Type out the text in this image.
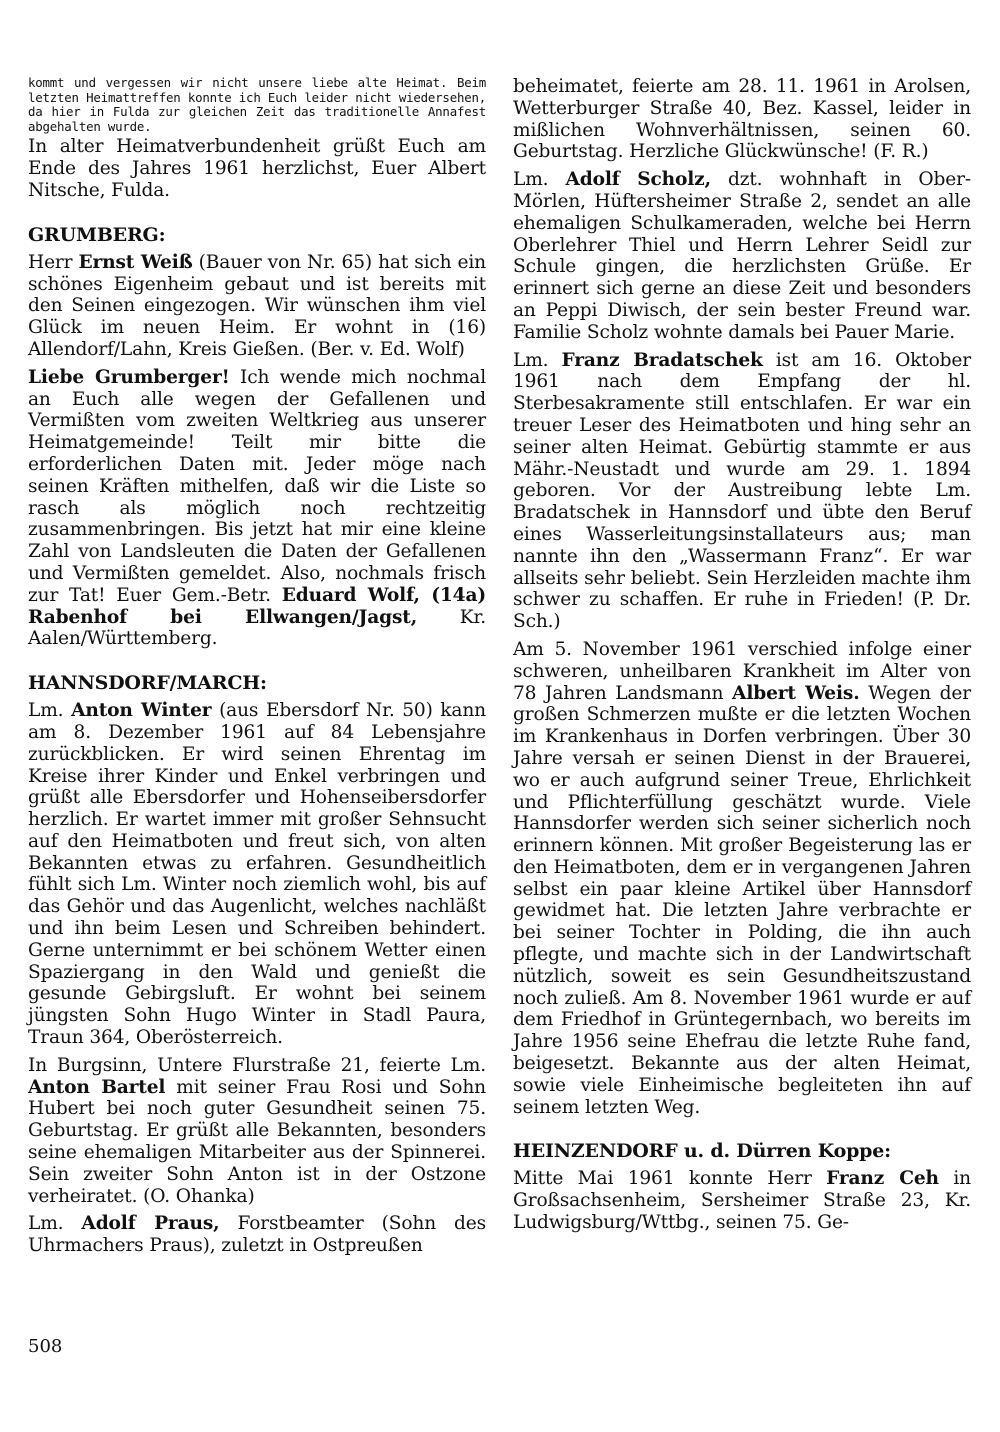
kommt und vergessen wir nicht unsere liebe alte Heimat. Beim letzten Heimattreffen konnte ich Euch leider nicht wiedersehen, da hier in Fulda zur gleichen Zeit das traditionelle Annafest abgehalten wurde.

In alter Heimatverbundenheit grüßt Euch am Ende des Jahres 1961 herzlichst, Euer Albert Nitsche, Fulda.

GRUMBERG:

Herr Ernst Weiß (Bauer von Nr. 65) hat sich ein schönes Eigenheim gebaut und ist bereits mit den Seinen eingezogen. Wir wünschen ihm viel Glück im neuen Heim. Er wohnt in (16) Allendorf/Lahn, Kreis Gießen. (Ber. v. Ed. Wolf)

Liebe Grumberger! Ich wende mich nochmal an Euch alle wegen der Gefallenen und Vermißten vom zweiten Weltkrieg aus unserer Heimatgemeinde! Teilt mir bitte die erforderlichen Daten mit. Jeder möge nach seinen Kräften mithelfen, daß wir die Liste so rasch als möglich noch rechtzeitig zusammenbringen. Bis jetzt hat mir eine kleine Zahl von Landsleuten die Daten der Gefallenen und Vermißten gemeldet. Also, nochmals frisch zur Tat! Euer Gem.-Betr. Eduard Wolf, (14a) Rabenhof bei Ellwangen/Jagst, Kr. Aalen/Württemberg.

HANNSDORF/MARCH:

Lm. Anton Winter (aus Ebersdorf Nr. 50) kann am 8. Dezember 1961 auf 84 Lebensjahre zurückblicken. Er wird seinen Ehrentag im Kreise ihrer Kinder und Enkel verbringen und grüßt alle Ebersdorfer und Hohenseibersdorfer herzlich. Er wartet immer mit großer Sehnsucht auf den Heimatboten und freut sich, von alten Bekannten etwas zu erfahren. Gesundheitlich fühlt sich Lm. Winter noch ziemlich wohl, bis auf das Gehör und das Augenlicht, welches nachläßt und ihn beim Lesen und Schreiben behindert. Gerne unternimmt er bei schönem Wetter einen Spaziergang in den Wald und genießt die gesunde Gebirgsluft. Er wohnt bei seinem jüngsten Sohn Hugo Winter in Stadl Paura, Traun 364, Oberösterreich.

In Burgsinn, Untere Flurstraße 21, feierte Lm. Anton Bartel mit seiner Frau Rosi und Sohn Hubert bei noch guter Gesundheit seinen 75. Geburtstag. Er grüßt alle Bekannten, besonders seine ehemaligen Mitarbeiter aus der Spinnerei. Sein zweiter Sohn Anton ist in der Ostzone verheiratet. (O. Ohanka)

Lm. Adolf Praus, Forstbeamter (Sohn des Uhrmachers Praus), zuletzt in Ostpreußen

beheimatet, feierte am 28. 11. 1961 in Arolsen, Wetterburger Straße 40, Bez. Kassel, leider in mißlichen Wohnverhältnissen, seinen 60. Geburtstag. Herzliche Glückwünsche! (F. R.)

Lm. Adolf Scholz, dzt. wohnhaft in Ober-Mörlen, Hüftersheimer Straße 2, sendet an alle ehemaligen Schulkameraden, welche bei Herrn Oberlehrer Thiel und Herrn Lehrer Seidl zur Schule gingen, die herzlichsten Grüße. Er erinnert sich gerne an diese Zeit und besonders an Peppi Diwisch, der sein bester Freund war. Familie Scholz wohnte damals bei Pauer Marie.

Lm. Franz Bradatschek ist am 16. Oktober 1961 nach dem Empfang der hl. Sterbesakramente still entschlafen. Er war ein treuer Leser des Heimatboten und hing sehr an seiner alten Heimat. Gebürtig stammte er aus Mähr.-Neustadt und wurde am 29. 1. 1894 geboren. Vor der Austreibung lebte Lm. Bradatschek in Hannsdorf und übte den Beruf eines Wasserleitungsinstallateurs aus; man nannte ihn den „Wassermann Franz“. Er war allseits sehr beliebt. Sein Herzleiden machte ihm schwer zu schaffen. Er ruhe in Frieden! (P. Dr. Sch.)

Am 5. November 1961 verschied infolge einer schweren, unheilbaren Krankheit im Alter von 78 Jahren Landsmann Albert Weis. Wegen der großen Schmerzen mußte er die letzten Wochen im Krankenhaus in Dorfen verbringen. Über 30 Jahre versah er seinen Dienst in der Brauerei, wo er auch aufgrund seiner Treue, Ehrlichkeit und Pflichterfüllung geschätzt wurde. Viele Hannsdorfer werden sich seiner sicherlich noch erinnern können. Mit großer Begeisterung las er den Heimatboten, dem er in vergangenen Jahren selbst ein paar kleine Artikel über Hannsdorf gewidmet hat. Die letzten Jahre verbrachte er bei seiner Tochter in Polding, die ihn auch pflegte, und machte sich in der Landwirtschaft nützlich, soweit es sein Gesundheitszustand noch zuließ. Am 8. November 1961 wurde er auf dem Friedhof in Grüntegernbach, wo bereits im Jahre 1956 seine Ehefrau die letzte Ruhe fand, beigesetzt. Bekannte aus der alten Heimat, sowie viele Einheimische begleiteten ihn auf seinem letzten Weg.

HEINZENDORF u. d. Dürren Koppe:

Mitte Mai 1961 konnte Herr Franz Ceh in Großsachsenheim, Sersheimer Straße 23, Kr. Ludwigsburg/Wttbg., seinen 75. Ge-

508
